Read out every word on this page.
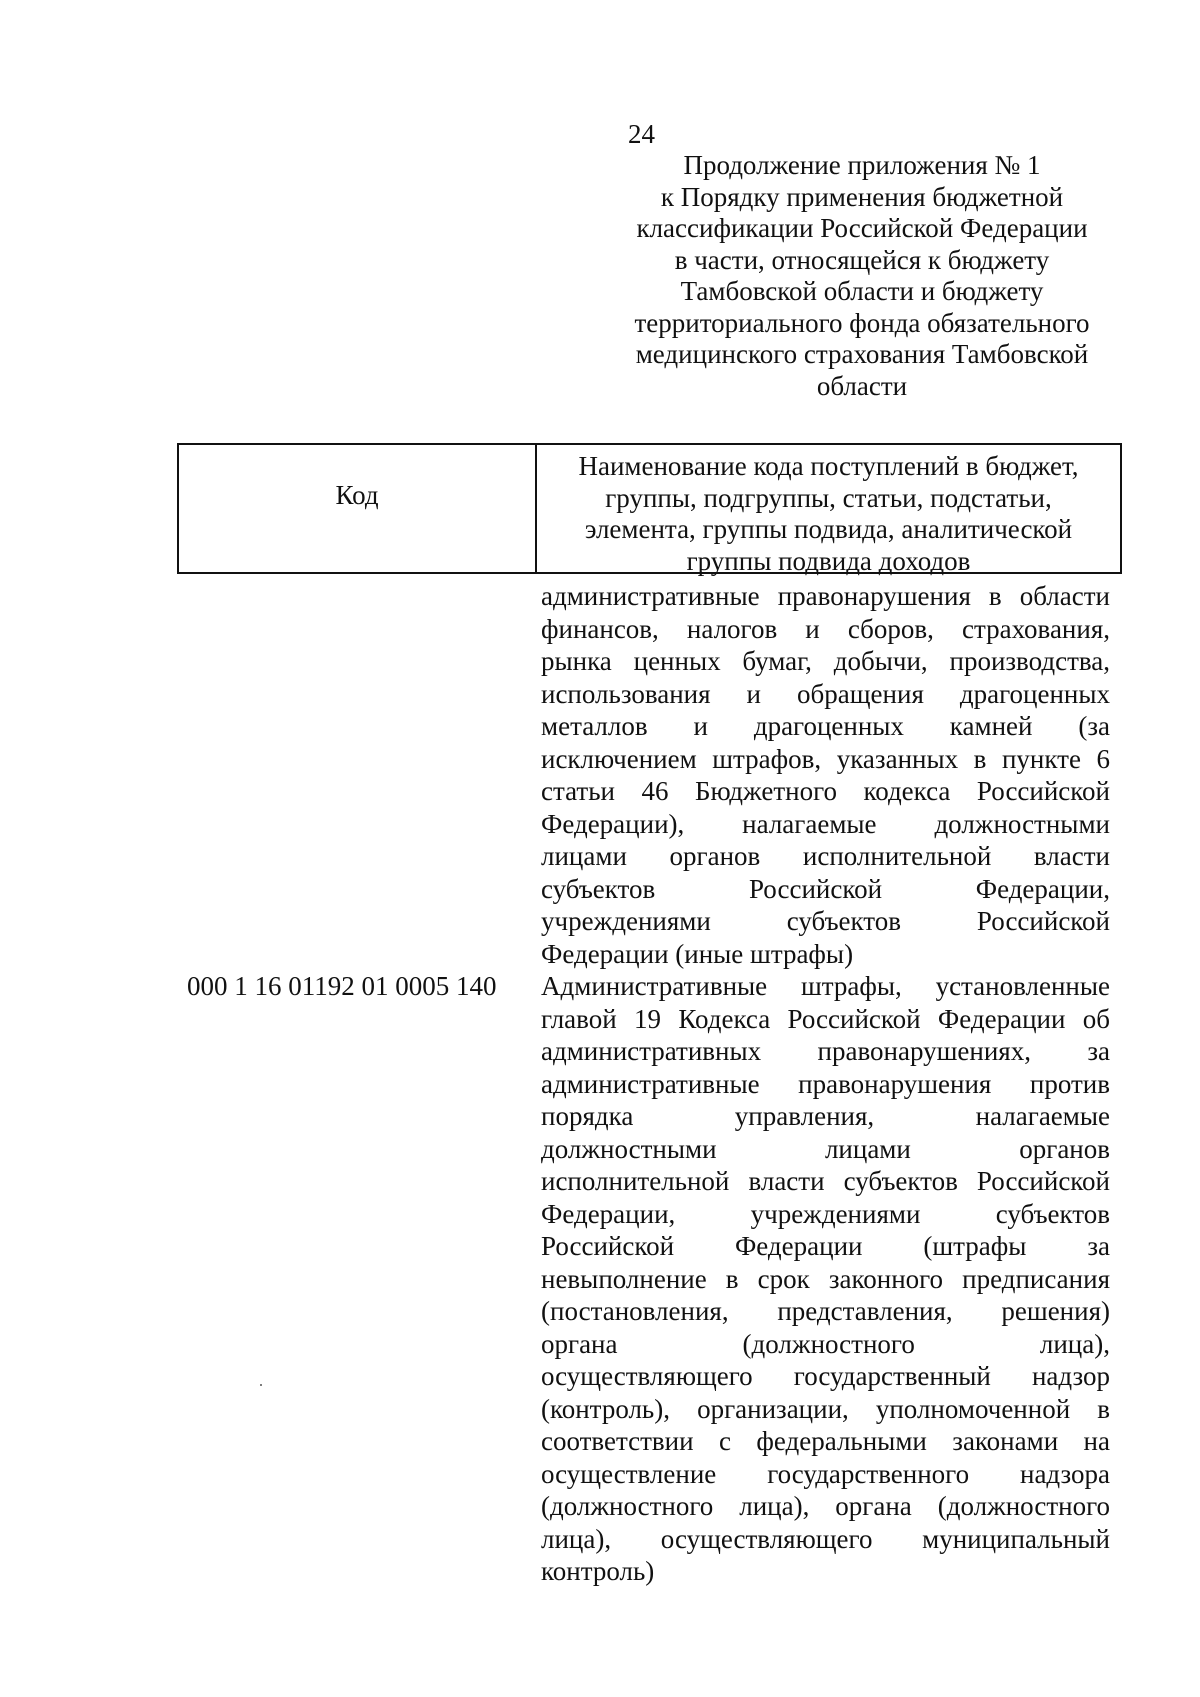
24
Продолжение приложения № 1
к Порядку применения бюджетной
классификации Российской Федерации
в части, относящейся к бюджету
Тамбовской области и бюджету
территориального фонда обязательного
медицинского страхования Тамбовской
области
Код
Наименование кода поступлений в бюджет,
группы, подгруппы, статьи, подстатьи,
элемента, группы подвида, аналитической
группы подвида доходов
административные правонарушения в области
финансов, налогов и сборов, страхования,
рынка ценных бумаг, добычи, производства,
использования и обращения драгоценных
металлов и драгоценных камней (за
исключением штрафов, указанных в пункте 6
статьи 46 Бюджетного кодекса Российской
Федерации), налагаемые должностными
лицами органов исполнительной власти
субъектов Российской Федерации,
учреждениями субъектов Российской
Федерации (иные штрафы)
000 1 16 01192 01 0005 140 Административные штрафы, установленные
главой 19 Кодекса Российской Федерации об
административных правонарушениях, за
административные правонарушения против
порядка управления, налагаемые
должностными лицами органов
исполнительной власти субъектов Российской
Федерации, учреждениями субъектов
Российской Федерации (штрафы за
невыполнение в срок законного предписания
(постановления, представления, решения)
органа (должностного лица),
осуществляющего государственный надзор
(контроль), организации, уполномоченной в
соответствии с федеральными законами на
осуществление государственного надзора
(должностного лица), органа (должностного
лица), осуществляющего муниципальный
контроль)
